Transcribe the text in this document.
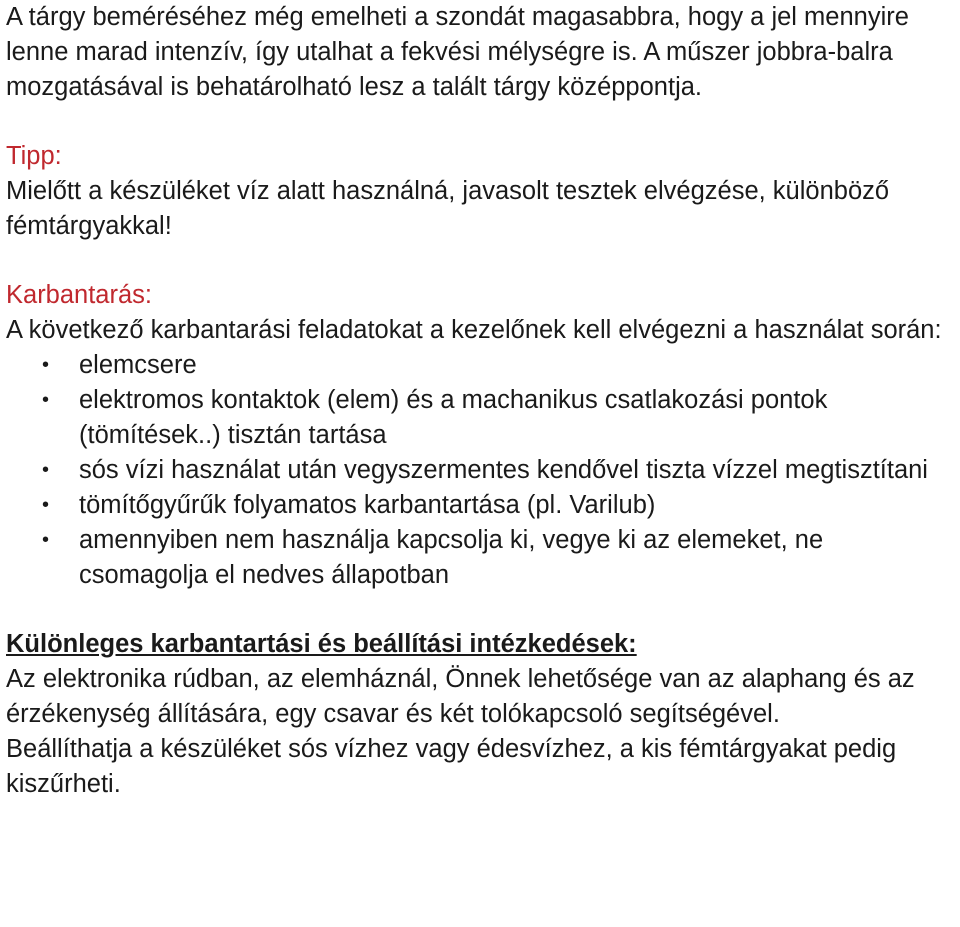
A tárgy beméréséhez még emelheti a szondát magasabbra, hogy a jel mennyire lenne marad intenzív, így utalhat a fekvési mélységre is. A műszer jobbra-balra mozgatásával is behatárolható lesz a talált tárgy középpontja.

Tipp:

Mielőtt a készüléket víz alatt használná, javasolt tesztek elvégzése, különböző fémtárgyakkal!

Karbantarás:

A következő karbantarási feladatokat a kezelőnek kell elvégezni a használat során:

• elemcsere
• elektromos kontaktok (elem) és a machanikus csatlakozási pontok (tömítések..) tisztán tartása
• sós vízi használat után vegyszermentes kendővel tiszta vízzel megtisztítani
• tömítőgyűrűk folyamatos karbantartása (pl. Varilub)
• amennyiben nem használja kapcsolja ki, vegye ki az elemeket, ne csomagolja el nedves állapotban

Különleges karbantartási és beállítási intézkedések:

Az elektronika rúdban, az elemháznál, Önnek lehetősége van az alaphang és az érzékenység állítására, egy csavar és két tolókapcsoló segítségével.

Beállíthatja a készüléket sós vízhez vagy édesvízhez, a kis fémtárgyakat pedig kiszűrheti.
